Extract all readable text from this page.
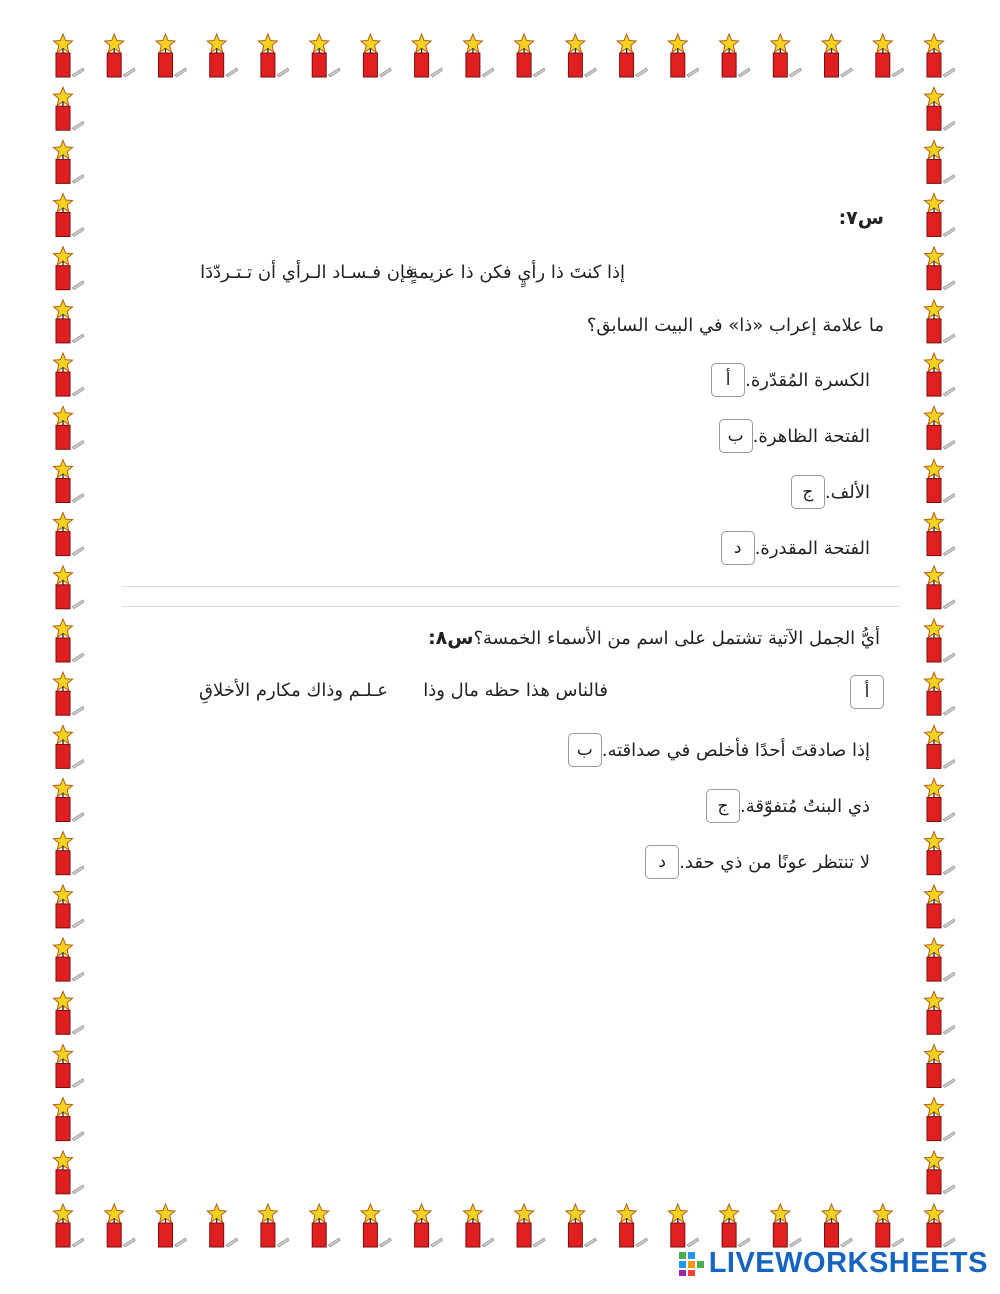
س٧:
إذا كنتَ ذا رأيٍ فكن ذا عزيمةٍ
فإن فـسـاد الـرأي أن تـتـردّدَا
ما علامة إعراب «ذا» في البيت السابق؟
أ الكسرة المُقدّرة.
ب الفتحة الظاهرة.
ج الألف.
د الفتحة المقدرة.
س٨: أيُّ الجمل الآتية تشتمل على اسم من الأسماء الخمسة؟
أ
فالناس هذا حظه مال وذا
عـلـم وذاك مكارم الأخلاقِ
ب إذا صادقتَ أحدًا فأخلص في صداقته.
ج ذي البنتُ مُتفوّقة.
د لا تنتظر عونًا من ذي حقد.
LIVEWORKSHEETS
